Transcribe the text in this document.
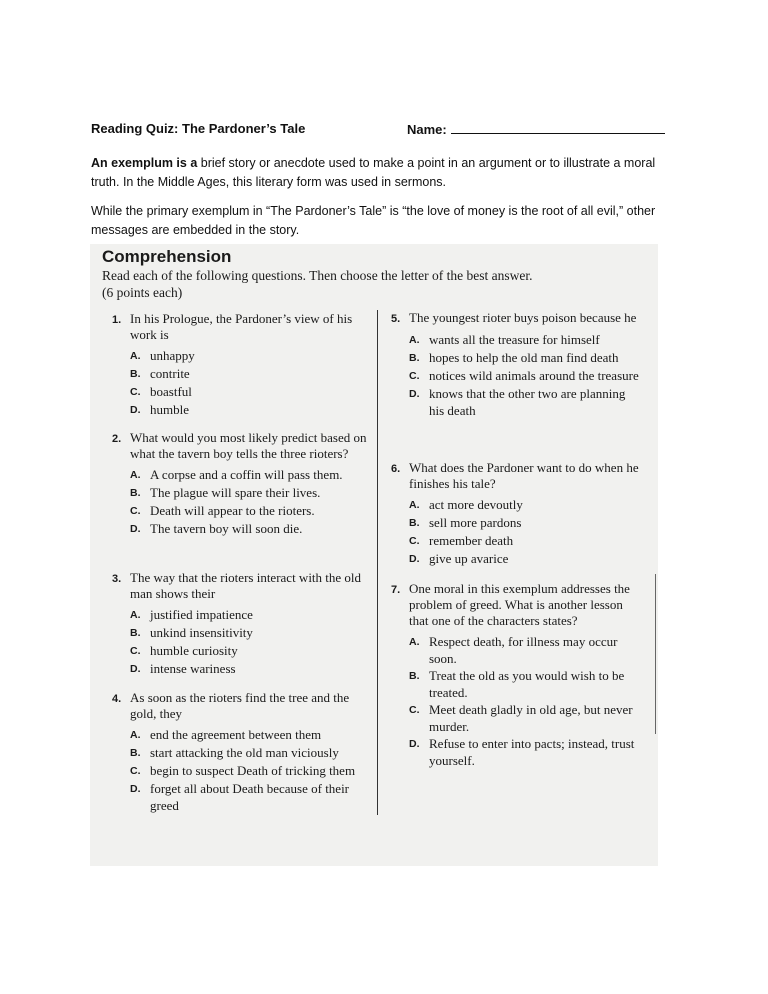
Reading Quiz: The Pardoner’s Tale	Name:
An exemplum is a brief story or anecdote used to make a point in an argument or to illustrate a moral truth. In the Middle Ages, this literary form was used in sermons.
While the primary exemplum in “The Pardoner’s Tale” is “the love of money is the root of all evil,” other messages are embedded in the story.
Comprehension
Read each of the following questions. Then choose the letter of the best answer.
(6 points each)
1. In his Prologue, the Pardoner’s view of his work is
A. unhappy
B. contrite
C. boastful
D. humble
2. What would you most likely predict based on what the tavern boy tells the three rioters?
A. A corpse and a coffin will pass them.
B. The plague will spare their lives.
C. Death will appear to the rioters.
D. The tavern boy will soon die.
3. The way that the rioters interact with the old man shows their
A. justified impatience
B. unkind insensitivity
C. humble curiosity
D. intense wariness
4. As soon as the rioters find the tree and the gold, they
A. end the agreement between them
B. start attacking the old man viciously
C. begin to suspect Death of tricking them
D. forget all about Death because of their greed
5. The youngest rioter buys poison because he
A. wants all the treasure for himself
B. hopes to help the old man find death
C. notices wild animals around the treasure
D. knows that the other two are planning his death
6. What does the Pardoner want to do when he finishes his tale?
A. act more devoutly
B. sell more pardons
C. remember death
D. give up avarice
7. One moral in this exemplum addresses the problem of greed. What is another lesson that one of the characters states?
A. Respect death, for illness may occur soon.
B. Treat the old as you would wish to be treated.
C. Meet death gladly in old age, but never murder.
D. Refuse to enter into pacts; instead, trust yourself.
